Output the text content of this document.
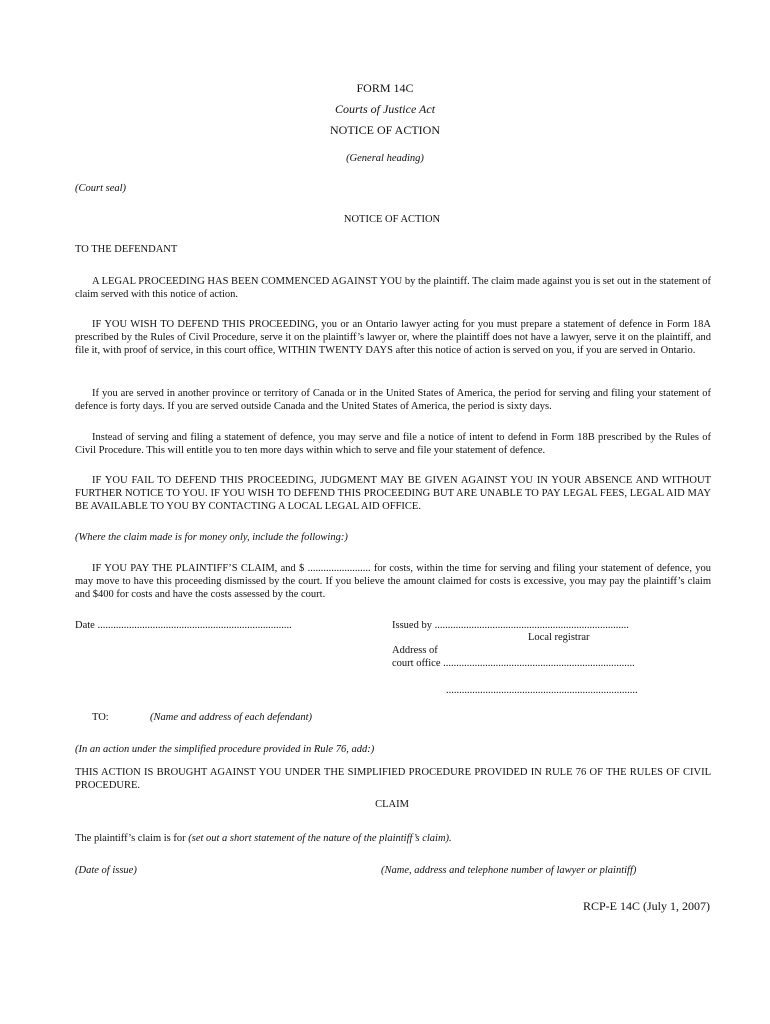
FORM 14C
Courts of Justice Act
NOTICE OF ACTION
(General heading)
(Court seal)
NOTICE OF ACTION
TO THE DEFENDANT
A LEGAL PROCEEDING HAS BEEN COMMENCED AGAINST YOU by the plaintiff. The claim made against you is set out in the statement of claim served with this notice of action.
IF YOU WISH TO DEFEND THIS PROCEEDING, you or an Ontario lawyer acting for you must prepare a statement of defence in Form 18A prescribed by the Rules of Civil Procedure, serve it on the plaintiff’s lawyer or, where the plaintiff does not have a lawyer, serve it on the plaintiff, and file it, with proof of service, in this court office, WITHIN TWENTY DAYS after this notice of action is served on you, if you are served in Ontario.
If you are served in another province or territory of Canada or in the United States of America, the period for serving and filing your statement of defence is forty days. If you are served outside Canada and the United States of America, the period is sixty days.
Instead of serving and filing a statement of defence, you may serve and file a notice of intent to defend in Form 18B prescribed by the Rules of Civil Procedure. This will entitle you to ten more days within which to serve and file your statement of defence.
IF YOU FAIL TO DEFEND THIS PROCEEDING, JUDGMENT MAY BE GIVEN AGAINST YOU IN YOUR ABSENCE AND WITHOUT FURTHER NOTICE TO YOU. IF YOU WISH TO DEFEND THIS PROCEEDING BUT ARE UNABLE TO PAY LEGAL FEES, LEGAL AID MAY BE AVAILABLE TO YOU BY CONTACTING A LOCAL LEGAL AID OFFICE.
(Where the claim made is for money only, include the following:)
IF YOU PAY THE PLAINTIFF’S CLAIM, and $ ........................ for costs, within the time for serving and filing your statement of defence, you may move to have this proceeding dismissed by the court. If you believe the amount claimed for costs is excessive, you may pay the plaintiff’s claim and $400 for costs and have the costs assessed by the court.
Date ..........................................................................	Issued by ..........................................................................
Local registrar
Address of
court office .........................................................................
.........................................................................
TO:	(Name and address of each defendant)
(In an action under the simplified procedure provided in Rule 76, add:)
THIS ACTION IS BROUGHT AGAINST YOU UNDER THE SIMPLIFIED PROCEDURE PROVIDED IN RULE 76 OF THE RULES OF CIVIL PROCEDURE.
CLAIM
The plaintiff’s claim is for (set out a short statement of the nature of the plaintiff’s claim).
(Date of issue)	(Name, address and telephone number of lawyer or plaintiff)
RCP-E 14C (July 1, 2007)
